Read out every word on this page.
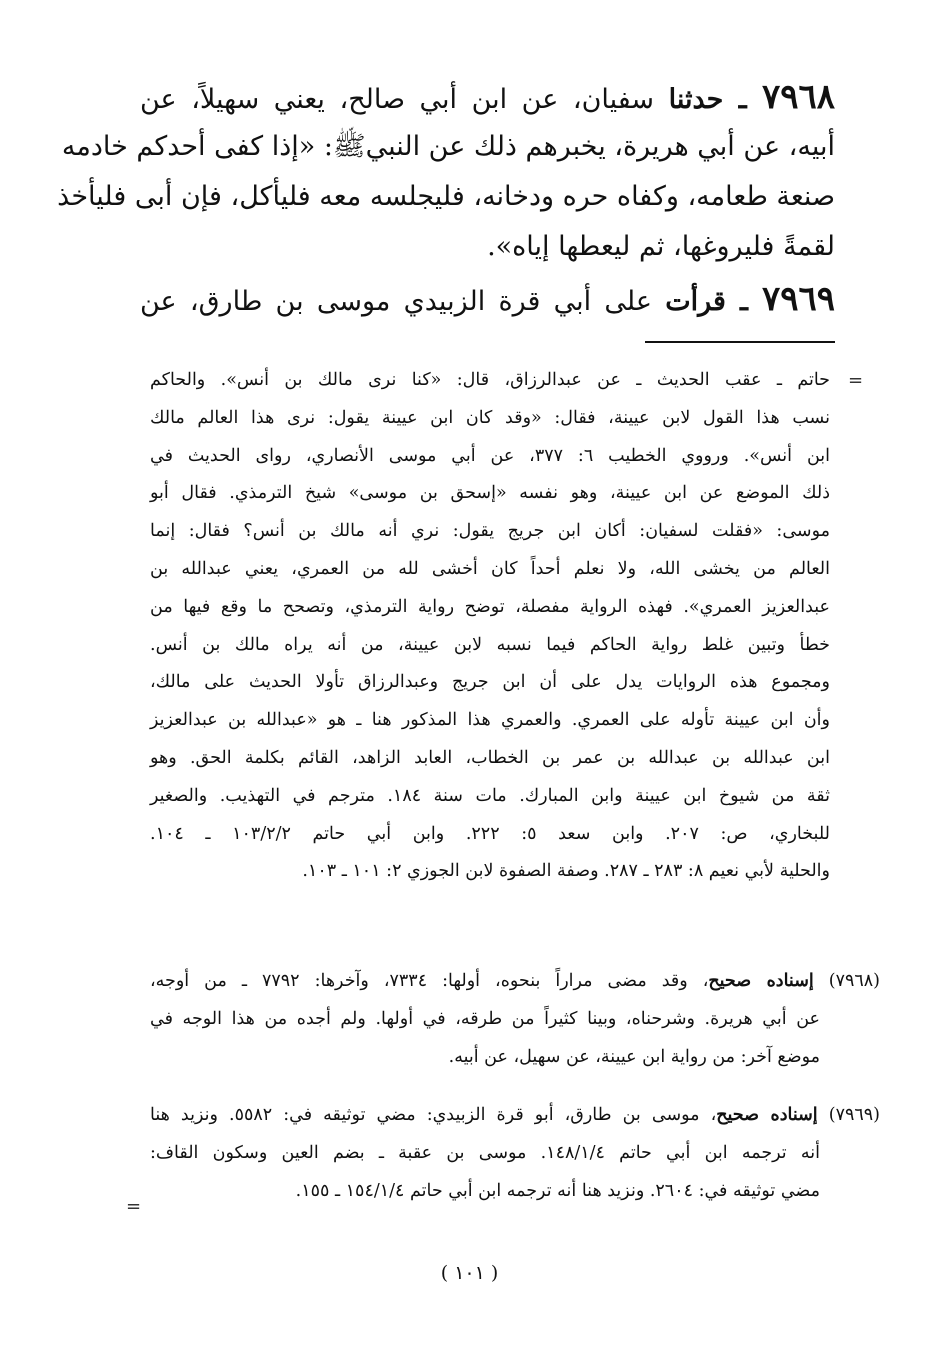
٧٩٦٨ ـ حدثنا سفيان، عن ابن أبي صالح، يعني سهيلاً، عن
أبيه، عن أبي هريرة، يخبرهم ذلك عن النبيﷺ: «إذا كفى أحدكم خادمه
صنعة طعامه، وكفاه حره ودخانه، فليجلسه معه فليأكل، فإن أبى فليأخذ
لقمةً فليروغها، ثم ليعطها إياه».
٧٩٦٩ ـ قرأت على أبي قرة الزبيدي موسى بن طارق، عن
=
حاتم ـ عقب الحديث ـ عن عبدالرزاق، قال: «كنا نرى مالك بن أنس». والحاكم
نسب هذا القول لابن عيينة، فقال: «وقد كان ابن عيينة يقول: نرى هذا العالم مالك
ابن أنس». ورووي الخطيب ٦: ٣٧٧، عن أبي موسى الأنصاري، رواى الحديث في
ذلك الموضع عن ابن عيينة، وهو نفسه «إسحق بن موسى» شيخ الترمذي. فقال أبو
موسى: «فقلت لسفيان: أكان ابن جريج يقول: نري أنه مالك بن أنس؟ فقال: إنما
العالم من يخشى الله، ولا نعلم أحداً كان أخشى لله من العمري، يعني عبدالله بن
عبدالعزيز العمري». فهذه الرواية مفصلة، توضح رواية الترمذي، وتصحح ما وقع فيها من
خطأ وتبين غلط رواية الحاكم فيما نسبه لابن عيينة، من أنه يراه مالك بن أنس.
ومجموع هذه الروايات يدل على أن ابن جريج وعبدالرزاق تأولا الحديث على مالك،
وأن ابن عيينة تأوله على العمري. والعمري هذا المذكور هنا ـ هو «عبدالله بن عبدالعزيز
ابن عبدالله بن عبدالله بن عمر بن الخطاب، العابد الزاهد، القائم بكلمة الحق. وهو
ثقة من شيوخ ابن عيينة وابن المبارك. مات سنة ١٨٤. مترجم في التهذيب. والصغير
للبخاري، ص: ٢٠٧. وابن سعد ٥: ٢٢٢. وابن أبي حاتم ١٠٣/٢/٢ ـ ١٠٤.
والحلية لأبي نعيم ٨: ٢٨٣ ـ ٢٨٧. وصفة الصفوة لابن الجوزي ٢: ١٠١ ـ ١٠٣.
(٧٩٦٨) إسناده صحيح، وقد مضى مراراً بنحوه، أولها: ٧٣٣٤، وآخرها: ٧٧٩٢ ـ من أوجه،
عن أبي هريرة. وشرحناه، وبينا كثيراً من طرقه، في أولها. ولم أجده من هذا الوجه في
موضع آخر: من رواية ابن عيينة، عن سهيل، عن أبيه.
(٧٩٦٩) إسناده صحيح، موسى بن طارق، أبو قرة الزبيدي: مضي توثيقه في: ٥٥٨٢. ونزيد هنا
أنه ترجمه ابن أبي حاتم ١٤٨/١/٤. موسى بن عقبة ـ بضم العين وسكون القاف:
مضي توثيقه في: ٢٦٠٤. ونزيد هنا أنه ترجمه ابن أبي حاتم ١٥٤/١/٤ ـ ١٥٥.
=
( ١٠١ )
